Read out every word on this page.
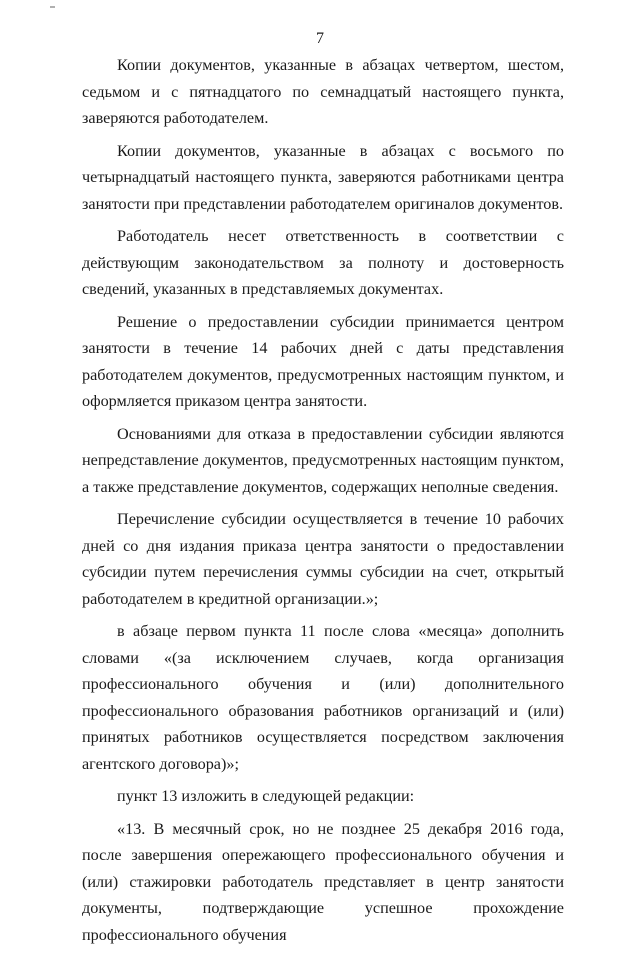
7

Копии документов, указанные в абзацах четвертом, шестом, седьмом и с пятнадцатого по семнадцатый настоящего пункта, заверяются работодателем.

Копии документов, указанные в абзацах с восьмого по четырнадцатый настоящего пункта, заверяются работниками центра занятости при представлении работодателем оригиналов документов.

Работодатель несет ответственность в соответствии с действующим законодательством за полноту и достоверность сведений, указанных в представляемых документах.

Решение о предоставлении субсидии принимается центром занятости в течение 14 рабочих дней с даты представления работодателем документов, предусмотренных настоящим пунктом, и оформляется приказом центра занятости.

Основаниями для отказа в предоставлении субсидии являются непредставление документов, предусмотренных настоящим пунктом, а также представление документов, содержащих неполные сведения.

Перечисление субсидии осуществляется в течение 10 рабочих дней со дня издания приказа центра занятости о предоставлении субсидии путем перечисления суммы субсидии на счет, открытый работодателем в кредитной организации.»;

в абзаце первом пункта 11 после слова «месяца» дополнить словами «(за исключением случаев, когда организация профессионального обучения и (или) дополнительного профессионального образования работников организаций и (или) принятых работников осуществляется посредством заключения агентского договора)»;

пункт 13 изложить в следующей редакции:

«13. В месячный срок, но не позднее 25 декабря 2016 года, после завершения опережающего профессионального обучения и (или) стажировки работодатель представляет в центр занятости документы, подтверждающие успешное прохождение профессионального обучения
